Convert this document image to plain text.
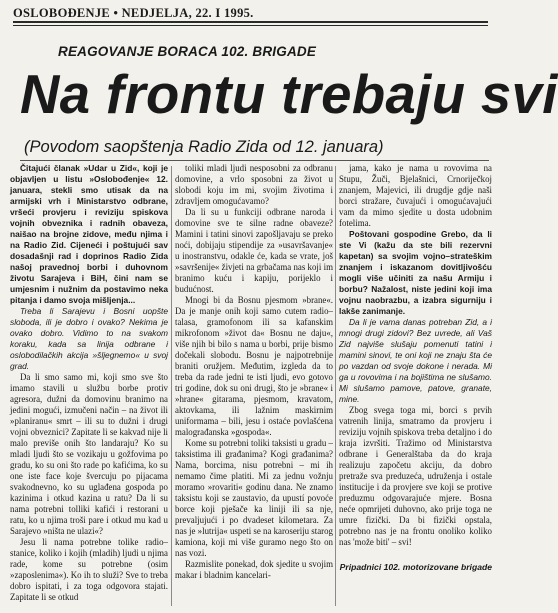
OSLOBOĐENJE • NEDJELJA, 22. I 1995.
REAGOVANJE BORACA 102. BRIGADE
Na frontu trebaju svi
(Povodom saopštenja Radio Zida od 12. januara)

Čitajući članak »Udar u Zid«, koji je objavljen u listu »Oslobođenje« 12. januara, stekli smo utisak da na armijski vrh i Ministarstvo odbrane, vršeći provjeru i reviziju spiskova vojnih obveznika i radnih obaveza, naišao na brojne zidove, među njima i na Radio Zid. Cijeneći i poštujući sav dosadašnji rad i doprinos Radio Zida našoj pravednoj borbi i duhovnom životu Sarajeva i BiH, čini nam se umjesnim i nužnim da postavimo neka pitanja i damo svoja mišljenja...

Treba li Sarajevu i Bosni uopšte sloboda, ili je dobro i ovako? Nekima je ovako dobro. Vidimo to na svakom koraku, kada sa linija odbrane i oslobodilačkih akcija »šljegnemo« u svoj grad.

Da li smo samo mi, koji smo sve što imamo stavili u službu borbe protiv agresora, dužni da domovinu branimo na jedini mogući, izmučeni način – na život ili »planiranu« smrt – ili su to dužni i drugi vojni obveznici? Zapitate li se kakvad nije li malo previše onih što landaraju? Ko su mladi ljudi što se vozikaju u gožfovima po gradu, ko su oni što rade po kafićima, ko su one iste face koje švercuju po pijacama svakodnevno, ko su uglađena gospoda po kazinima i otkud kazina u ratu? Da li su nama potrebni tolliki kafići i restorani u ratu, ko u njima troši pare i otkud mu kad u Sarajevo »ništa ne ulazi«?

Jesu li nama potrebne tolike radio–stanice, koliko i kojih (mladih) ljudi u njima rade, kome su potrebne (osim »zaposlenima«). Ko ih to služi? Sve to treba dobro ispitati, i za toga odgovora stajati. Zapitate li se otkud

toliki mladi ljudi nesposobni za odbranu domovine, a vrlo sposobni za život u slobodi koju im mi, svojim životima i zdravljem omogućavamo?

Da li su u funkciji odbrane naroda i domovine sve te silne radne obaveze? Mamini i tatini sinovi zapošljavaju se preko noći, dobijaju stipendije za »usavršavanje« u inostranstvu, odakle će, kada se vrate, još »savršenije« živjeti na grbačama nas koji im branimo kuću i kapiju, porijeklo i budućnost.

Mnogi bi da Bosnu pjesmom »brane«. Da je manje onih koji samo cutem radio–talasa, gramofonom ili sa kafanskim mikrofonom »život da« Bosnu ne daju«, više njih bi bilo s nama u borbi, prije bismo dočekali slobodu. Bosnu je najpotrebnije braniti oružjem. Međutim, izgleda da to treba da rade jedni te isti ljudi, evo gotovo tri godine, dok su oni drugi, što je »brane« i »hrane« gitarama, pjesmom, kravatom, aktovkama, ili lažnim maskirnim uniformama – bili, jesu i ostaće povlašćena malograđanska »gospoda«.

Kome su potrebni toliki taksisti u gradu – taksistima ili građanima? Kogi građanima? Nama, borcima, nisu potrebni – mi ih nemamo čime platiti. Mi za jednu vožnju moramo »rovariti« godinu dana. Ne znamo taksistu koji se zaustavio, da upustí povoće borce koji pješače ka liniji ili sa nje, prevaljujući i po dvadeset kilometara. Za nas je »lutrija« uspeti se na karoseriju starog kamiona, koji mi više guramo nego što on nas vozi.

Razmislite ponekad, dok sjedite u svojim makar i bladnim kancelari-

jama, kako je nama u rovovima na Stupu, Žuči, Bjelašnici, Crnoriječkoj znanjem, Majevici, ili drugdje gdje naši borci stražare, čuvajući i omogućavajući vam da mimo sjedite u dosta udobnim fotelima.

Poštovani gospodine Grebo, da li ste Vi (kažu da ste bili rezervni kapetan) sa svojim vojno–strateškim znanjem i iskazanom dovitljivošću mogli više učiniti za našu Armiju i borbu? Nažalost, niste jedini koji ima vojnu naobrazbu, a izabra sigurniju i lakše zanimanje.

Da li je vama danas potreban Zid, a i mnogi drugi zidovi? Bez uvrede, ali Vaš Zid najviše slušaju pomenuti tatini i mamini sinovi, te oni koji ne znaju šta će po vazdan od svoje dokone i nerada. Mi ga u rovovima i na bojištima ne slušamo. Mi slušamo pamove, patove, granate, mine.

Zbog svega toga mi, borci s prvih vatrenih linija, smatramo da provjeru i reviziju vojnih spiskova treba detaljno i do kraja izvršiti. Tražimo od Ministarstva odbrane i Generalštaba da do kraja realizuju započetu akciju, da dobro pretraže sva preduzeća, udruženja i ostale institucije i da provjere sve koji se protive preduzmu odgovarajuće mjere. Bosna neće opmrijeti duhovno, ako prije toga ne umre fizički. Da bi fizički opstala, potrebno nas je na frontu onoliko koliko nas 'može biti' – svi!

Pripadnici 102. motorizovane brigade
